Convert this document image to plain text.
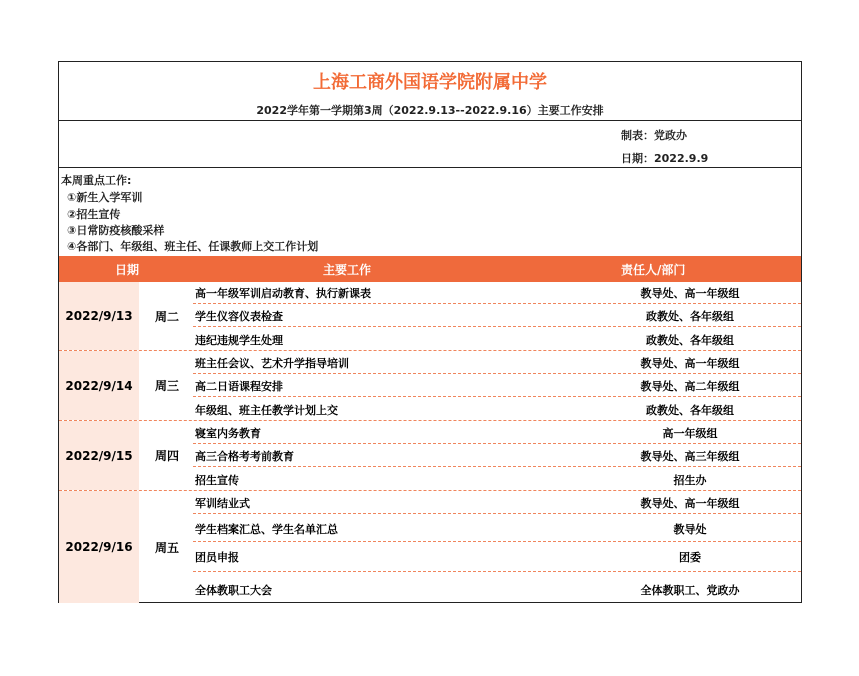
上海工商外国语学院附属中学
2022学年第一学期第3周（2022.9.13--2022.9.16）主要工作安排
制表：党政办
日期：2022.9.9
本周重点工作:
①新生入学军训
②招生宣传
③日常防疫核酸采样
④各部门、年级组、班主任、任课教师上交工作计划
日期	主要工作	责任人/部门
2022/9/13	周二
高一年级军训启动教育、执行新课表	教导处、高一年级组
学生仪容仪表检查	政教处、各年级组
违纪违规学生处理	政教处、各年级组
2022/9/14	周三
班主任会议、艺术升学指导培训	教导处、高一年级组
高二日语课程安排	教导处、高二年级组
年级组、班主任教学计划上交	政教处、各年级组
2022/9/15	周四
寝室内务教育	高一年级组
高三合格考考前教育	教导处、高三年级组
招生宣传	招生办
2022/9/16	周五
军训结业式	教导处、高一年级组
学生档案汇总、学生名单汇总	教导处
团员申报	团委
全体教职工大会	全体教职工、党政办
